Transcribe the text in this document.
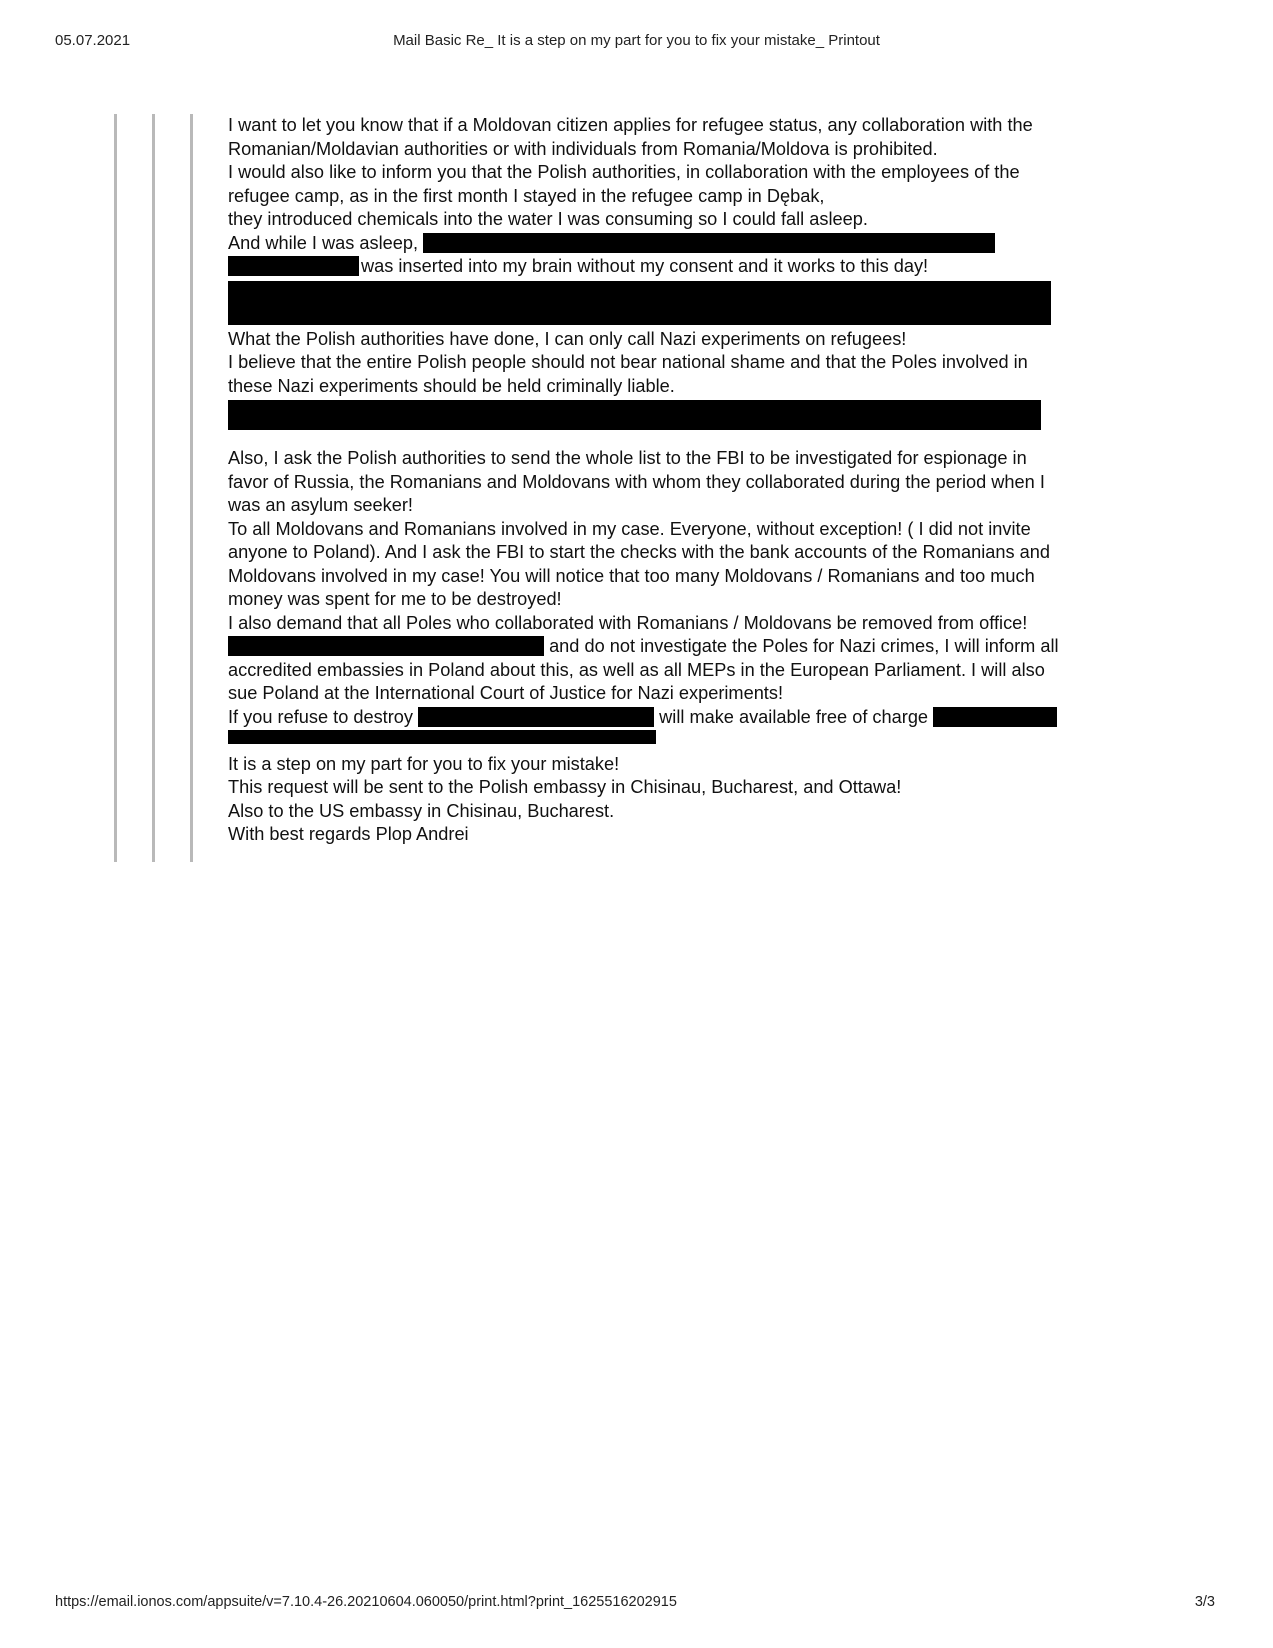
05.07.2021	Mail Basic Re_ It is a step on my part for you to fix your mistake_ Printout
I want to let you know that if a Moldovan citizen applies for refugee status, any collaboration with the
Romanian/Moldavian authorities or with individuals from Romania/Moldova is prohibited.
I would also like to inform you that the Polish authorities, in collaboration with the employees of the
refugee camp, as in the first month I stayed in the refugee camp in Dębak,
they introduced chemicals into the water I was consuming so I could fall asleep.
And while I was asleep,
was inserted into my brain without my consent and it works to this day!
What the Polish authorities have done, I can only call Nazi experiments on refugees!
I believe that the entire Polish people should not bear national shame and that the Poles involved in
these Nazi experiments should be held criminally liable.
Also, I ask the Polish authorities to send the whole list to the FBI to be investigated for espionage in
favor of Russia, the Romanians and Moldovans with whom they collaborated during the period when I
was an asylum seeker!
To all Moldovans and Romanians involved in my case. Everyone, without exception! ( I did not invite
anyone to Poland). And I ask the FBI to start the checks with the bank accounts of the Romanians and
Moldovans involved in my case! You will notice that too many Moldovans / Romanians and too much
money was spent for me to be destroyed!
I also demand that all Poles who collaborated with Romanians / Moldovans be removed from office!
and do not investigate the Poles for Nazi crimes, I will inform all
accredited embassies in Poland about this, as well as all MEPs in the European Parliament. I will also
sue Poland at the International Court of Justice for Nazi experiments!
If you refuse to destroy	will make available free of charge
It is a step on my part for you to fix your mistake!
This request will be sent to the Polish embassy in Chisinau, Bucharest, and Ottawa!
Also to the US embassy in Chisinau, Bucharest.
With best regards Plop Andrei
https://email.ionos.com/appsuite/v=7.10.4-26.20210604.060050/print.html?print_1625516202915	3/3
